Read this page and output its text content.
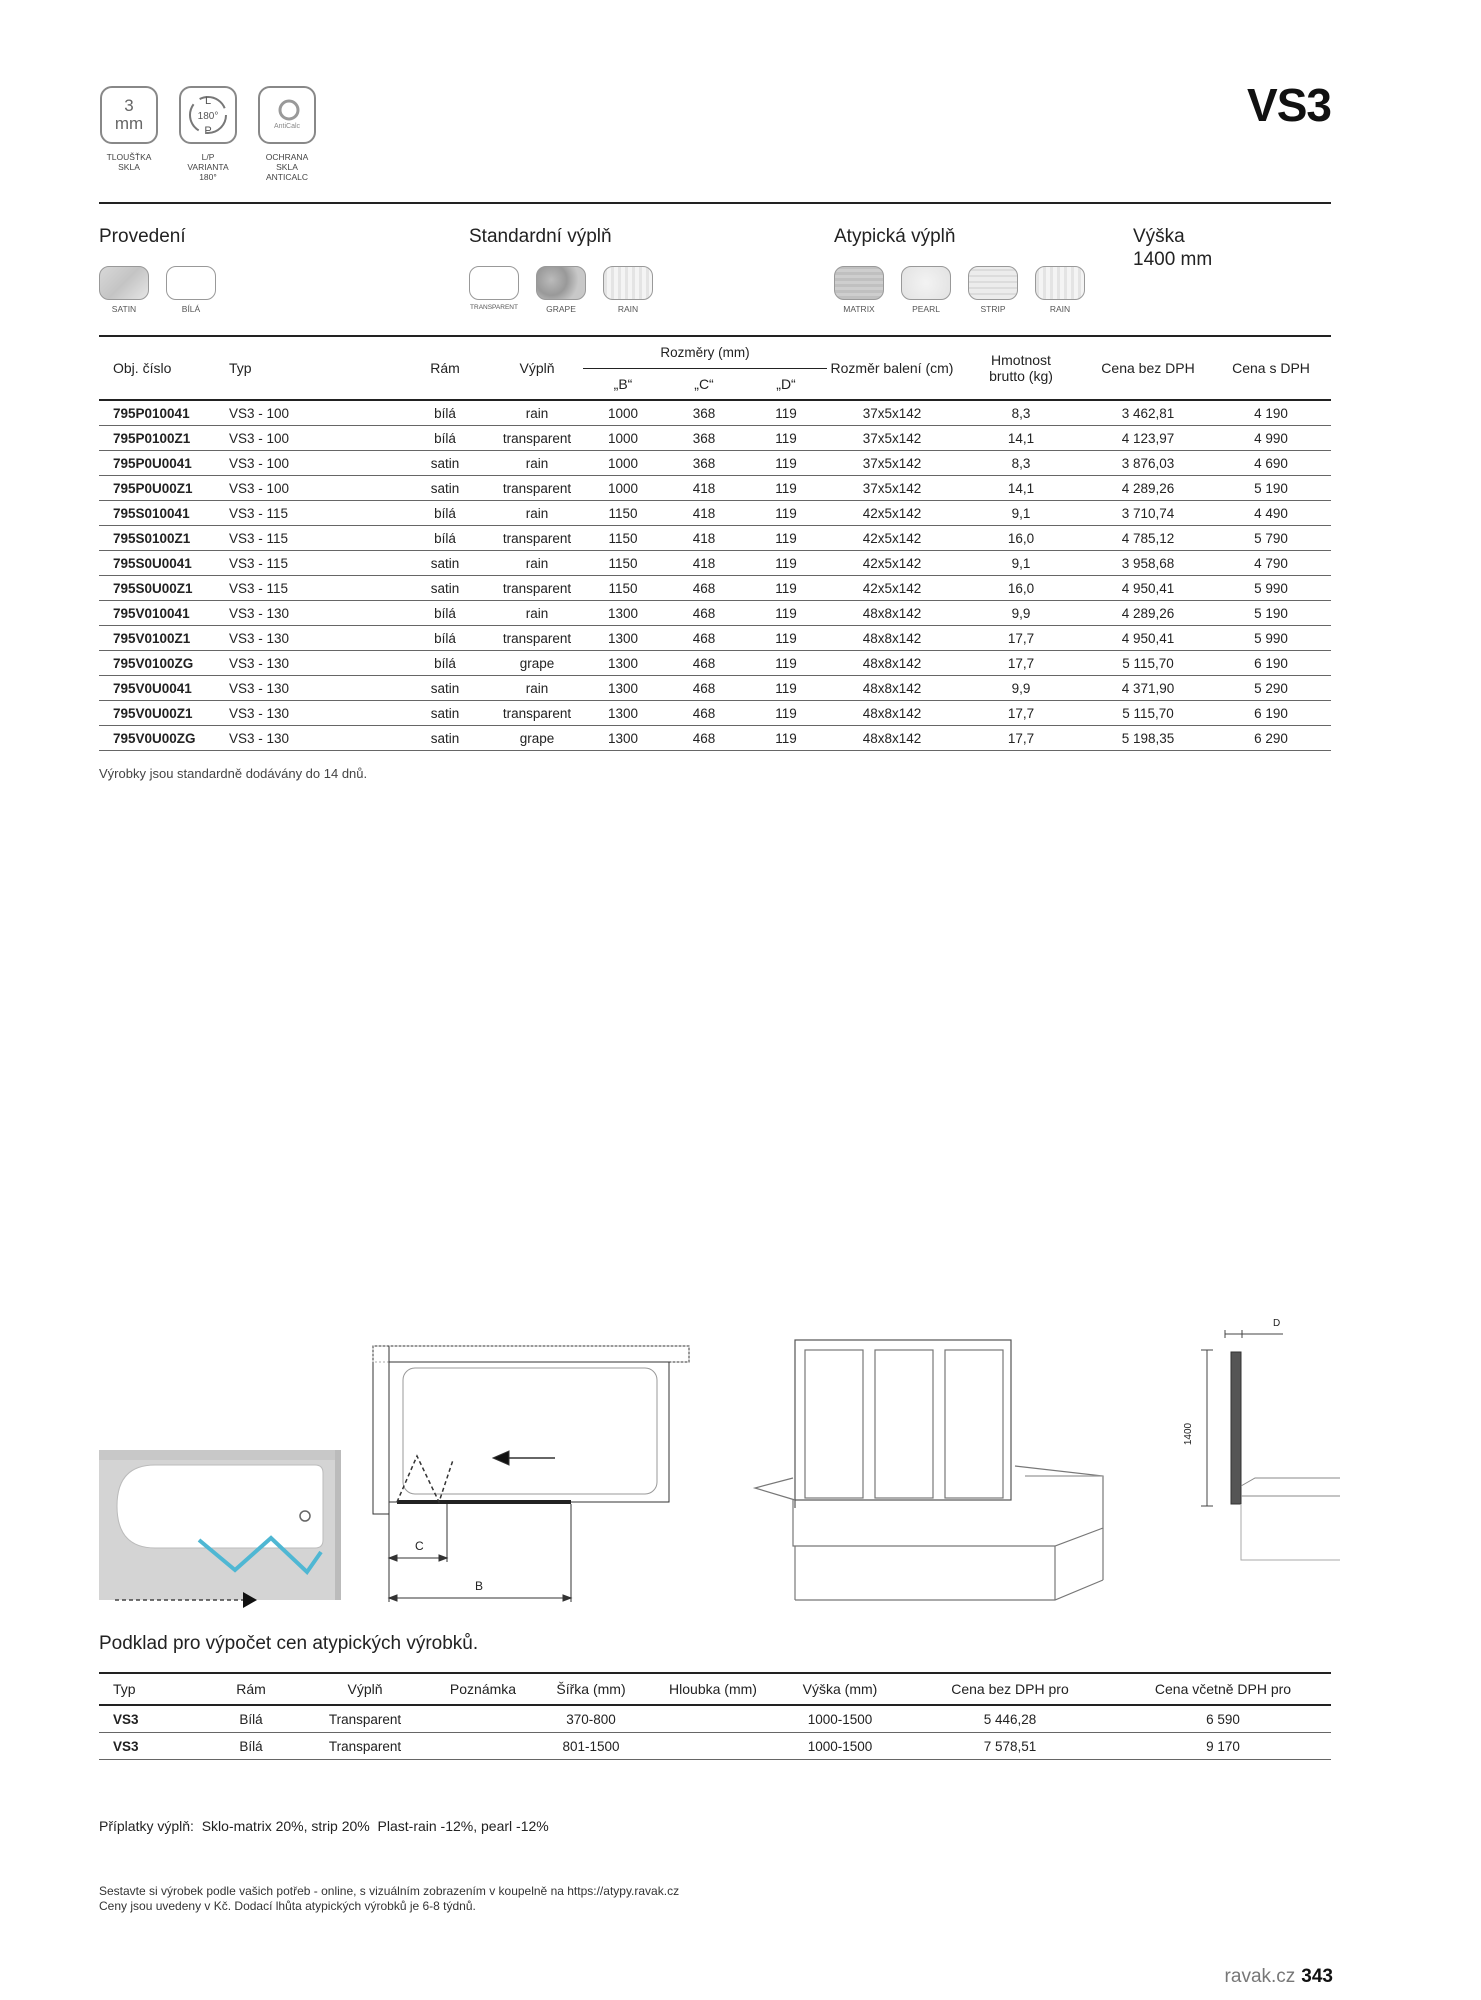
3
mm
TLOUŠŤKA SKLA
L
180°
P
L/P VARIANTA 180°
AntiCalc
OCHRANA SKLA ANTICALC
VS3
Provedení	Standardní výplň	Atypická výplň	Výška
1400 mm
SATIN	BÍLÁ	TRANSPARENT	GRAPE	RAIN	MATRIX	PEARL	STRIP	RAIN
Obj. číslo	Typ	Rám	Výplň	Rozměry (mm)			Rozměr balení (cm)	Hmotnost
brutto (kg)	Cena bez DPH	Cena s DPH
				„B“	„C“	„D“				
795P010041	VS3 - 100	bílá	rain	1000	368	119	37x5x142	8,3	3 462,81	4 190
795P0100Z1	VS3 - 100	bílá	transparent	1000	368	119	37x5x142	14,1	4 123,97	4 990
795P0U0041	VS3 - 100	satin	rain	1000	368	119	37x5x142	8,3	3 876,03	4 690
795P0U00Z1	VS3 - 100	satin	transparent	1000	418	119	37x5x142	14,1	4 289,26	5 190
795S010041	VS3 - 115	bílá	rain	1150	418	119	42x5x142	9,1	3 710,74	4 490
795S0100Z1	VS3 - 115	bílá	transparent	1150	418	119	42x5x142	16,0	4 785,12	5 790
795S0U0041	VS3 - 115	satin	rain	1150	418	119	42x5x142	9,1	3 958,68	4 790
795S0U00Z1	VS3 - 115	satin	transparent	1150	468	119	42x5x142	16,0	4 950,41	5 990
795V010041	VS3 - 130	bílá	rain	1300	468	119	48x8x142	9,9	4 289,26	5 190
795V0100Z1	VS3 - 130	bílá	transparent	1300	468	119	48x8x142	17,7	4 950,41	5 990
795V0100ZG	VS3 - 130	bílá	grape	1300	468	119	48x8x142	17,7	5 115,70	6 190
795V0U0041	VS3 - 130	satin	rain	1300	468	119	48x8x142	9,9	4 371,90	5 290
795V0U00Z1	VS3 - 130	satin	transparent	1300	468	119	48x8x142	17,7	5 115,70	6 190
795V0U00ZG	VS3 - 130	satin	grape	1300	468	119	48x8x142	17,7	5 198,35	6 290
Výrobky jsou standardně dodávány do 14 dnů.
C
B
D
1400
Podklad pro výpočet cen atypických výrobků.
Typ	Rám	Výplň	Poznámka	Šířka (mm)	Hloubka (mm)	Výška (mm)	Cena bez DPH pro	Cena včetně DPH pro
VS3	Bílá	Transparent		370-800		1000-1500	5 446,28	6 590
VS3	Bílá	Transparent		801-1500		1000-1500	7 578,51	9 170
Příplatky výplň:  Sklo-matrix 20%, strip 20%  Plast-rain -12%, pearl -12%
Sestavte si výrobek podle vašich potřeb - online, s vizuálním zobrazením v koupelně na https://atypy.ravak.cz
Ceny jsou uvedeny v Kč. Dodací lhůta atypických výrobků je 6-8 týdnů.
ravak.cz 343
